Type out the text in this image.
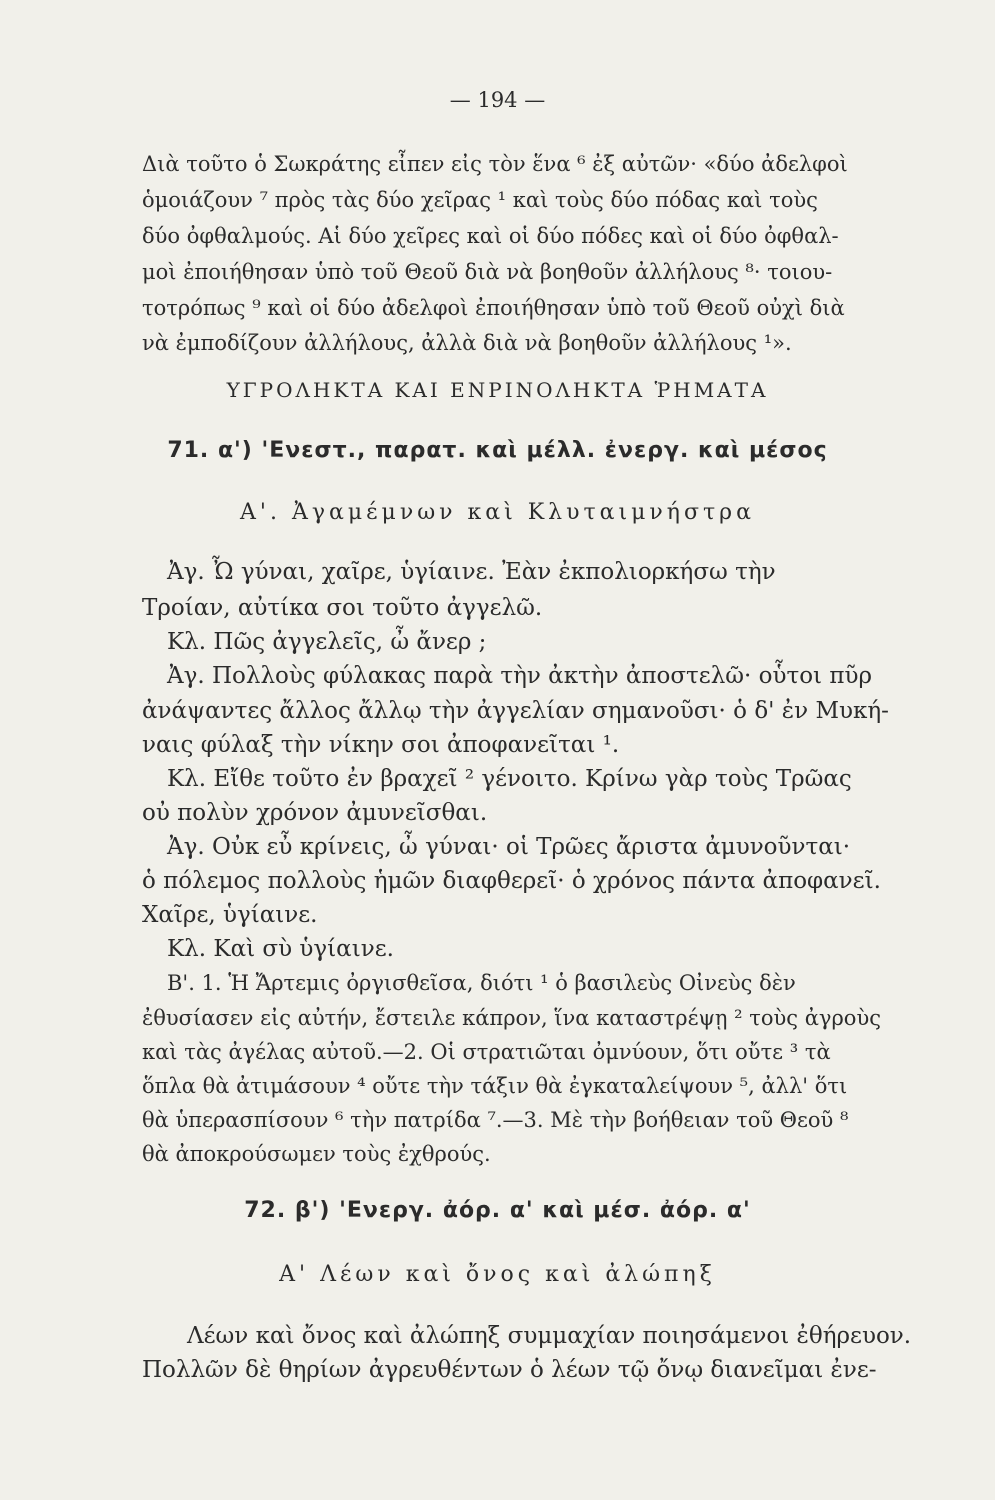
— 194 —
Διὰ τοῦτο ὁ Σωκράτης εἶπεν εἰς τὸν ἕνα ⁶ ἐξ αὐτῶν· «δύο ἀδελφοὶ
ὁμοιάζουν ⁷ πρὸς τὰς δύο χεῖρας ¹ καὶ τοὺς δύο πόδας καὶ τοὺς
δύο ὀφθαλμούς. Αἱ δύο χεῖρες καὶ οἱ δύο πόδες καὶ οἱ δύο ὀφθαλ-
μοὶ ἐποιήθησαν ὑπὸ τοῦ Θεοῦ διὰ νὰ βοηθοῦν ἀλλήλους ⁸· τοιου-
τοτρόπως ⁹ καὶ οἱ δύο ἀδελφοὶ ἐποιήθησαν ὑπὸ τοῦ Θεοῦ οὐχὶ διὰ
νὰ ἐμποδίζουν ἀλλήλους, ἀλλὰ διὰ νὰ βοηθοῦν ἀλλήλους ¹».
ΥΓΡΟΛΗΚΤΑ ΚΑΙ ΕΝΡΙΝΟΛΗΚΤΑ ῬΗΜΑΤΑ
71. α') 'Ενεστ., παρατ. καὶ μέλλ. ἐνεργ. καὶ μέσος
Α'. Ἀγαμέμνων καὶ Κλυταιμνήστρα
Ἀγ. Ὦ γύναι, χαῖρε, ὑγίαινε. Ἐὰν ἐκπολιορκήσω τὴν
Τροίαν, αὐτίκα σοι τοῦτο ἀγγελῶ.
Κλ. Πῶς ἀγγελεῖς, ὦ ἄνερ ;
Ἀγ. Πολλοὺς φύλακας παρὰ τὴν ἀκτὴν ἀποστελῶ· οὗτοι πῦρ
ἀνάψαντες ἄλλος ἄλλῳ τὴν ἀγγελίαν σημανοῦσι· ὁ δ' ἐν Μυκή-
ναις φύλαξ τὴν νίκην σοι ἀποφανεῖται ¹.
Κλ. Εἴθε τοῦτο ἐν βραχεῖ ² γένοιτο. Κρίνω γὰρ τοὺς Τρῶας
οὐ πολὺν χρόνον ἀμυνεῖσθαι.
Ἀγ. Οὐκ εὖ κρίνεις, ὦ γύναι· οἱ Τρῶες ἄριστα ἀμυνοῦνται·
ὁ πόλεμος πολλοὺς ἡμῶν διαφθερεῖ· ὁ χρόνος πάντα ἀποφανεῖ.
Χαῖρε, ὑγίαινε.
Κλ. Καὶ σὺ ὑγίαινε.
Β'. 1. Ἡ Ἄρτεμις ὀργισθεῖσα, διότι ¹ ὁ βασιλεὺς Οἰνεὺς δὲν
ἐθυσίασεν εἰς αὐτήν, ἔστειλε κάπρον, ἵνα καταστρέψῃ ² τοὺς ἀγροὺς
καὶ τὰς ἀγέλας αὐτοῦ.—2. Οἱ στρατιῶται ὀμνύουν, ὅτι οὔτε ³ τὰ
ὅπλα θὰ ἀτιμάσουν ⁴ οὔτε τὴν τάξιν θὰ ἐγκαταλείψουν ⁵, ἀλλ' ὅτι
θὰ ὑπερασπίσουν ⁶ τὴν πατρίδα ⁷.—3. Μὲ τὴν βοήθειαν τοῦ Θεοῦ ⁸
θὰ ἀποκρούσωμεν τοὺς ἐχθρούς.
72. β') 'Ενεργ. ἀόρ. α' καὶ μέσ. ἀόρ. α'
Α' Λέων καὶ ὄνος καὶ ἀλώπηξ
Λέων καὶ ὄνος καὶ ἀλώπηξ συμμαχίαν ποιησάμενοι ἐθήρευον.
Πολλῶν δὲ θηρίων ἀγρευθέντων ὁ λέων τῷ ὄνῳ διανεῖμαι ἐνε-
